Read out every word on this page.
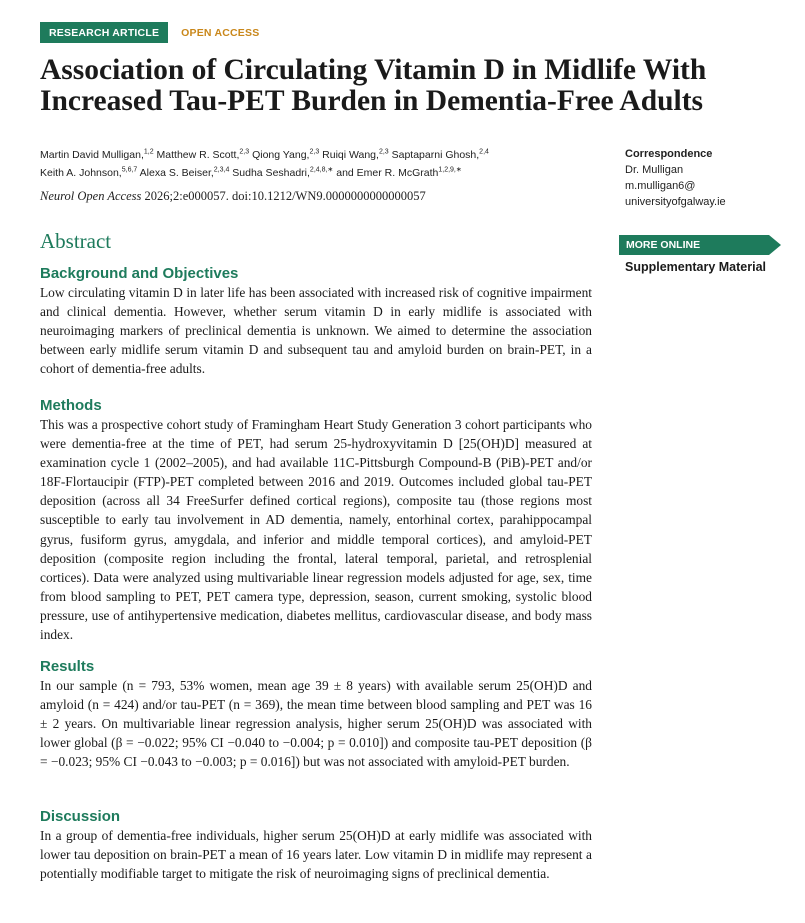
RESEARCH ARTICLE	OPEN ACCESS
Association of Circulating Vitamin D in Midlife With Increased Tau-PET Burden in Dementia-Free Adults
Martin David Mulligan,$^{1,2}$ Matthew R. Scott,$^{2,3}$ Qiong Yang,$^{2,3}$ Ruiqi Wang,$^{2,3}$ Saptaparni Ghosh,$^{2,4}$
Keith A. Johnson,$^{5,6,7}$ Alexa S. Beiser,$^{2,3,4}$ Sudha Seshadri,$^{2,4,8,∗}$ and Emer R. McGrath$^{1,2,9,∗}$
Neurol Open Access 2026;2:e000057. doi:10.1212/WN9.0000000000000057
Correspondence
Dr. Mulligan
m.mulligan6@
universityofgalway.ie
MORE ONLINE
Supplementary Material
Abstract
Background and Objectives

Low circulating vitamin D in later life has been associated with increased risk of cognitive impairment and clinical dementia. However, whether serum vitamin D in early midlife is associated with neuroimaging markers of preclinical dementia is unknown. We aimed to determine the association between early midlife serum vitamin D and subsequent tau and amyloid burden on brain-PET, in a cohort of dementia-free adults.

Methods

This was a prospective cohort study of Framingham Heart Study Generation 3 cohort participants who were dementia-free at the time of PET, had serum 25-hydroxyvitamin D [25(OH)D] measured at examination cycle 1 (2002–2005), and had available 11C-Pittsburgh Compound-B (PiB)-PET and/or 18F-Flortaucipir (FTP)-PET completed between 2016 and 2019. Outcomes included global tau-PET deposition (across all 34 FreeSurfer defined cortical regions), composite tau (those regions most susceptible to early tau involvement in AD dementia, namely, entorhinal cortex, parahippocampal gyrus, fusiform gyrus, amygdala, and inferior and middle temporal cortices), and amyloid-PET deposition (composite region including the frontal, lateral temporal, parietal, and retrosplenial cortices). Data were analyzed using multivariable linear regression models adjusted for age, sex, time from blood sampling to PET, PET camera type, depression, season, current smoking, systolic blood pressure, use of antihypertensive medication, diabetes mellitus, cardiovascular disease, and body mass index.

Results

In our sample (n = 793, 53% women, mean age 39 ± 8 years) with available serum 25(OH)D and amyloid (n = 424) and/or tau-PET (n = 369), the mean time between blood sampling and PET was 16 ± 2 years. On multivariable linear regression analysis, higher serum 25(OH)D was associated with lower global (β = −0.022; 95% CI −0.040 to −0.004; p = 0.010]) and composite tau-PET deposition (β = −0.023; 95% CI −0.043 to −0.003; p = 0.016]) but was not associated with amyloid-PET burden.

Discussion

In a group of dementia-free individuals, higher serum 25(OH)D at early midlife was associated with lower tau deposition on brain-PET a mean of 16 years later. Low vitamin D in midlife may represent a potentially modifiable target to mitigate the risk of neuroimaging signs of preclinical dementia.
